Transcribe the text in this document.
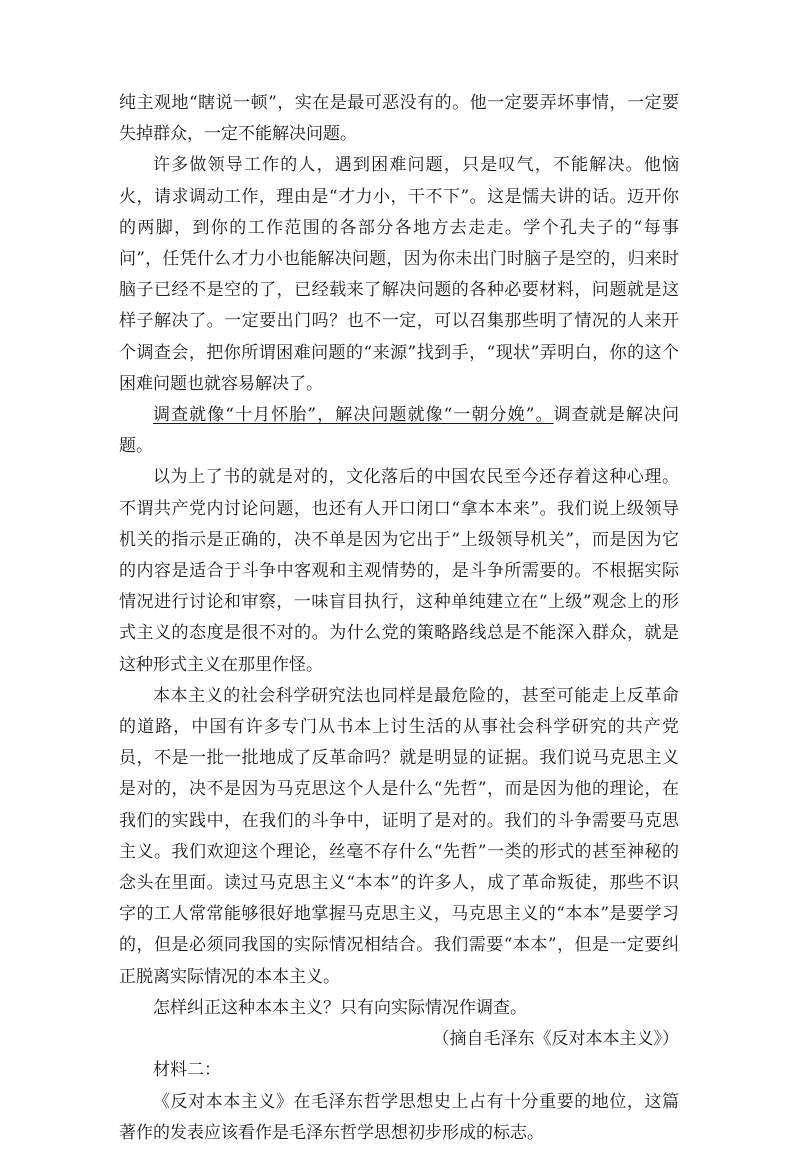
纯主观地“瞎说一顿”，实在是最可恶没有的。他一定要弄坏事情，一定要失掉群众，一定不能解决问题。

许多做领导工作的人，遇到困难问题，只是叹气，不能解决。他恼火，请求调动工作，理由是“才力小，干不下”。这是懦夫讲的话。迈开你的两脚，到你的工作范围的各部分各地方去走走。学个孔夫子的“每事问”，任凭什么才力小也能解决问题，因为你未出门时脑子是空的，归来时脑子已经不是空的了，已经载来了解决问题的各种必要材料，问题就是这样子解决了。一定要出门吗？也不一定，可以召集那些明了情况的人来开个调查会，把你所谓困难问题的“来源”找到手，“现状”弄明白，你的这个困难问题也就容易解决了。

调查就像“十月怀胎”，解决问题就像“一朝分娩”。调查就是解决问题。

以为上了书的就是对的，文化落后的中国农民至今还存着这种心理。不谓共产党内讨论问题，也还有人开口闭口“拿本本来”。我们说上级领导机关的指示是正确的，决不单是因为它出于“上级领导机关”，而是因为它的内容是适合于斗争中客观和主观情势的，是斗争所需要的。不根据实际情况进行讨论和审察，一味盲目执行，这种单纯建立在“上级”观念上的形式主义的态度是很不对的。为什么党的策略路线总是不能深入群众，就是这种形式主义在那里作怪。

本本主义的社会科学研究法也同样是最危险的，甚至可能走上反革命的道路，中国有许多专门从书本上讨生活的从事社会科学研究的共产党员，不是一批一批地成了反革命吗？就是明显的证据。我们说马克思主义是对的，决不是因为马克思这个人是什么“先哲”，而是因为他的理论，在我们的实践中，在我们的斗争中，证明了是对的。我们的斗争需要马克思主义。我们欢迎这个理论，丝毫不存什么“先哲”一类的形式的甚至神秘的念头在里面。读过马克思主义“本本”的许多人，成了革命叛徒，那些不识字的工人常常能够很好地掌握马克思主义，马克思主义的“本本”是要学习的，但是必须同我国的实际情况相结合。我们需要“本本”，但是一定要纠正脱离实际情况的本本主义。

怎样纠正这种本本主义？只有向实际情况作调查。

（摘自毛泽东《反对本本主义》）

材料二：

《反对本本主义》在毛泽东哲学思想史上占有十分重要的地位，这篇著作的发表应该看作是毛泽东哲学思想初步形成的标志。
